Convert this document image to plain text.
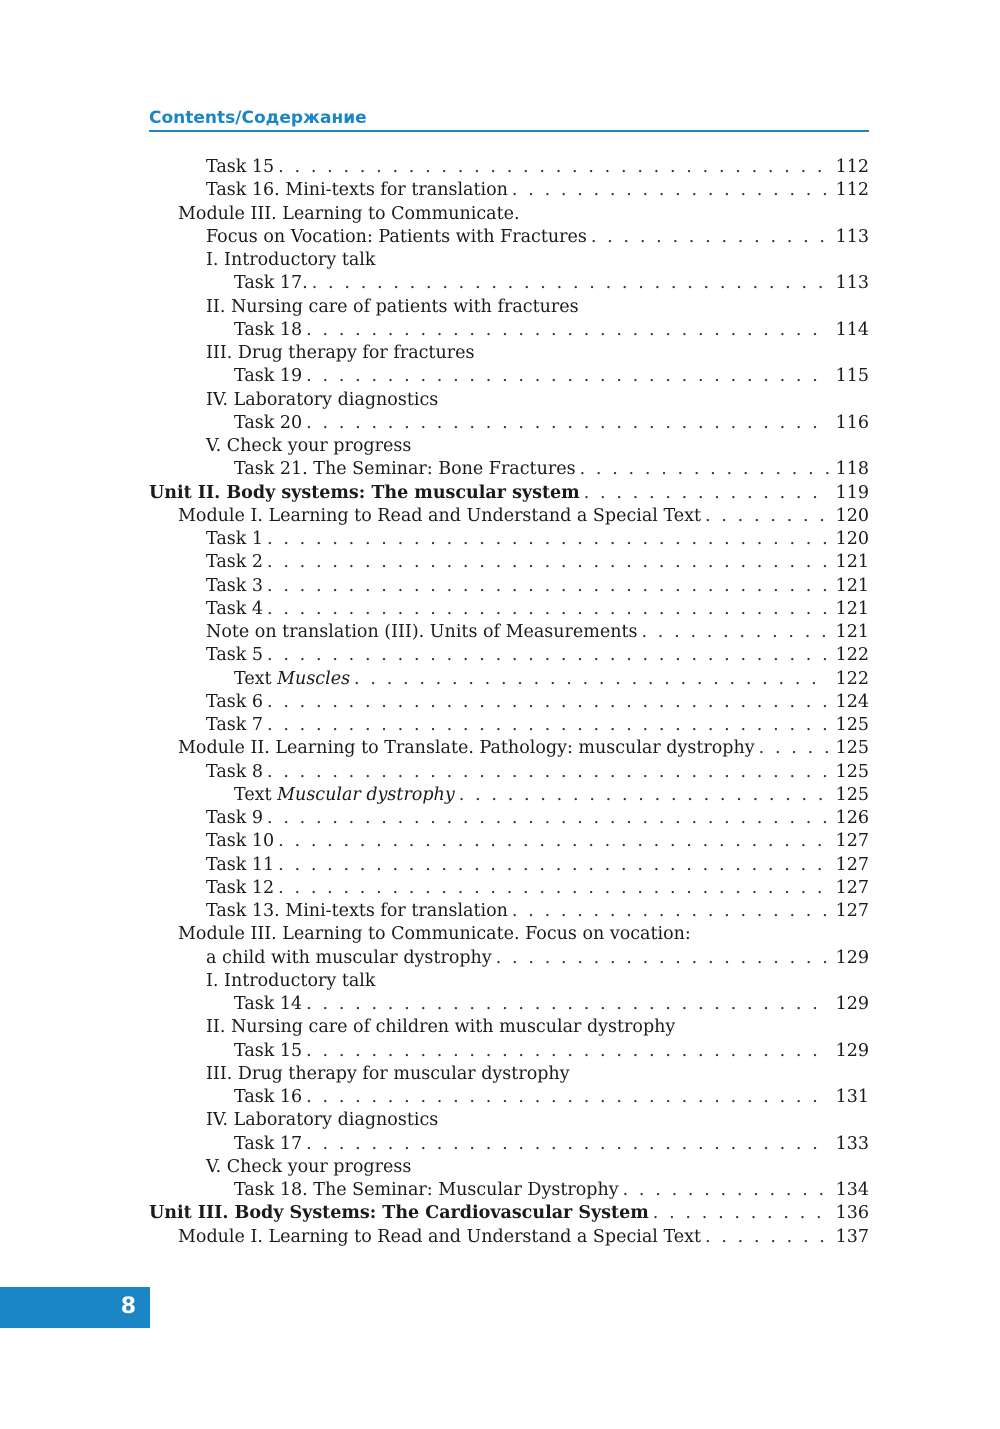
Contents/Содержание
Task 15 . . .	112
Task 16. Mini-texts for translation . . .	112
Module III. Learning to Communicate.
Focus on Vocation: Patients with Fractures . . .	113
I. Introductory talk
Task 17. . . .	113
II. Nursing care of patients with fractures
Task 18 . . .	114
III. Drug therapy for fractures
Task 19 . . .	115
IV. Laboratory diagnostics
Task 20 . . .	116
V. Check your progress
Task 21. The Seminar: Bone Fractures . . .	118
Unit II. Body systems: The muscular system . . .	119
Module I. Learning to Read and Understand a Special Text . . .	120
Task 1 . . .	120
Task 2 . . .	121
Task 3 . . .	121
Task 4 . . .	121
Note on translation (III). Units of Measurements . . .	121
Task 5 . . .	122
Text Muscles . . .	122
Task 6 . . .	124
Task 7 . . .	125
Module II. Learning to Translate. Pathology: muscular dystrophy . . .	125
Task 8 . . .	125
Text Muscular dystrophy . . .	125
Task 9 . . .	126
Task 10 . . .	127
Task 11 . . .	127
Task 12 . . .	127
Task 13. Mini-texts for translation . . .	127
Module III. Learning to Communicate. Focus on vocation:
a child with muscular dystrophy . . .	129
I. Introductory talk
Task 14 . . .	129
II. Nursing care of children with muscular dystrophy
Task 15 . . .	129
III. Drug therapy for muscular dystrophy
Task 16 . . .	131
IV. Laboratory diagnostics
Task 17 . . .	133
V. Check your progress
Task 18. The Seminar: Muscular Dystrophy . . .	134
Unit III. Body Systems: The Cardiovascular System . . .	136
Module I. Learning to Read and Understand a Special Text . . .	137
8
